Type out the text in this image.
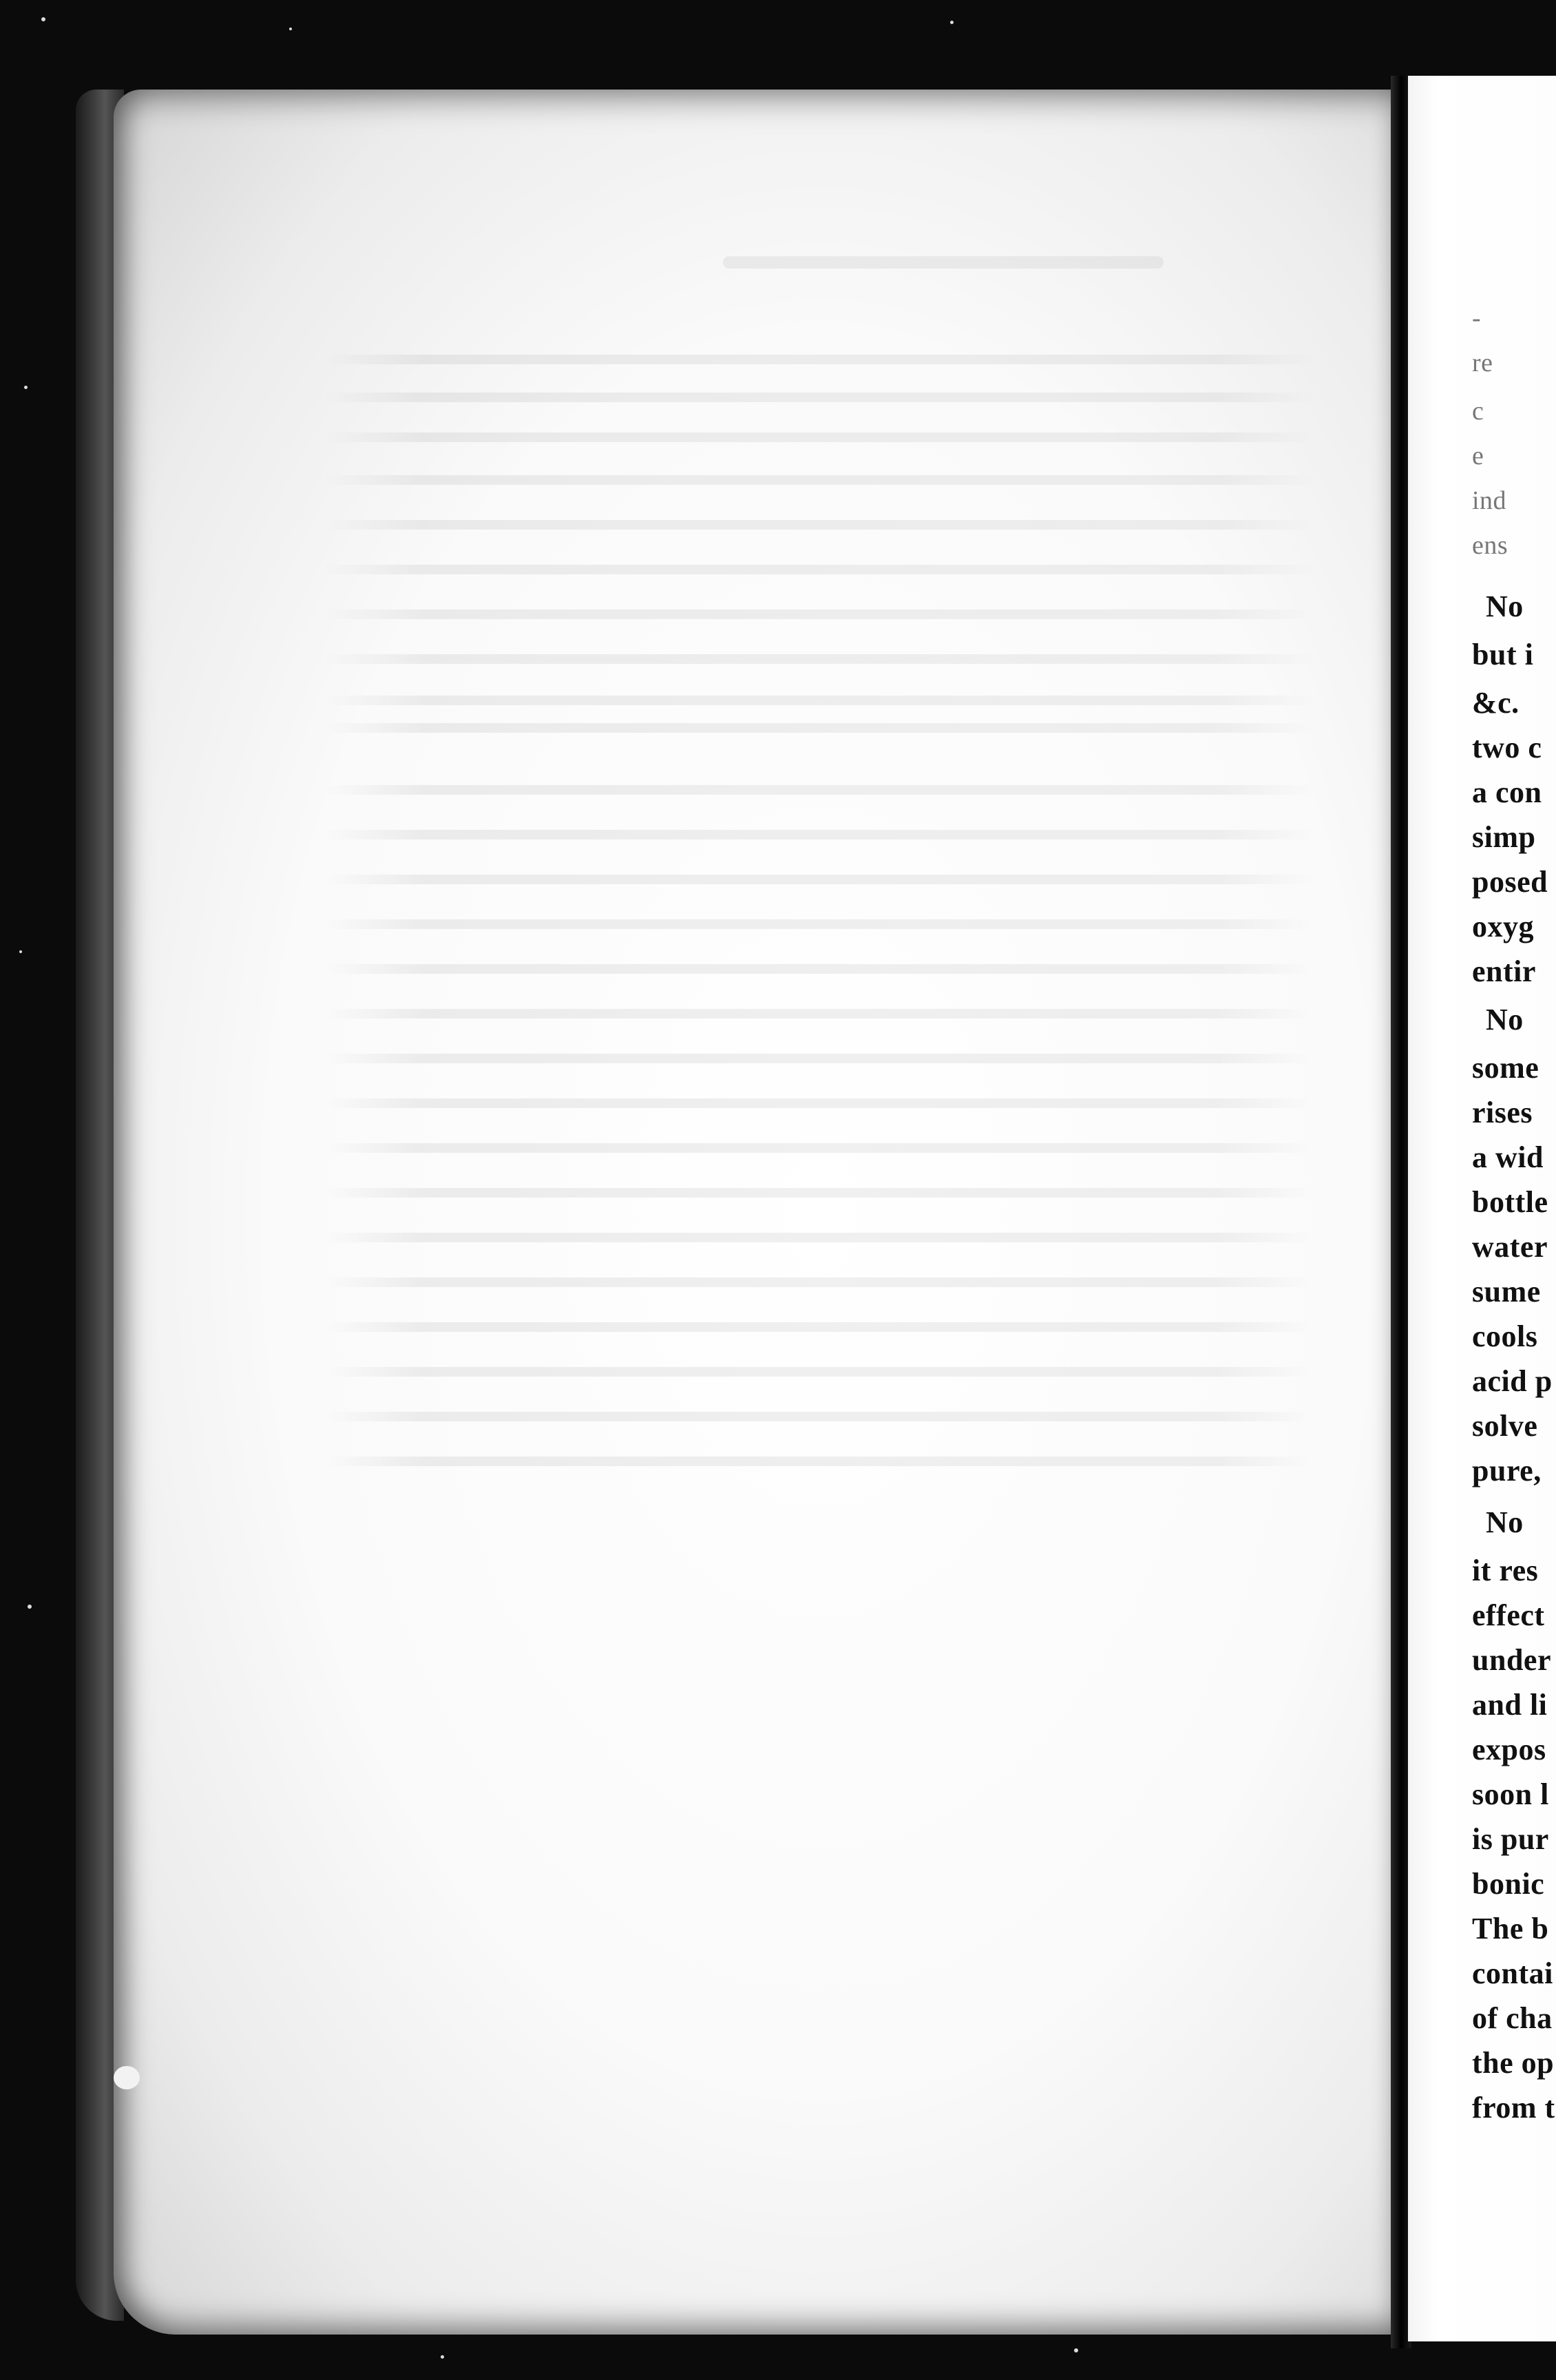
-
re
c
e
ind
ens
No
but i
&c.
two c
a con
simp
posed
oxyg
entir
No
some
rises
a wid
bottle
water
sume
cools
acid p
solve
pure,
No
it res
effect
under
and li
expos
soon l
is pur
bonic
The b
contai
of cha
the op
from t
